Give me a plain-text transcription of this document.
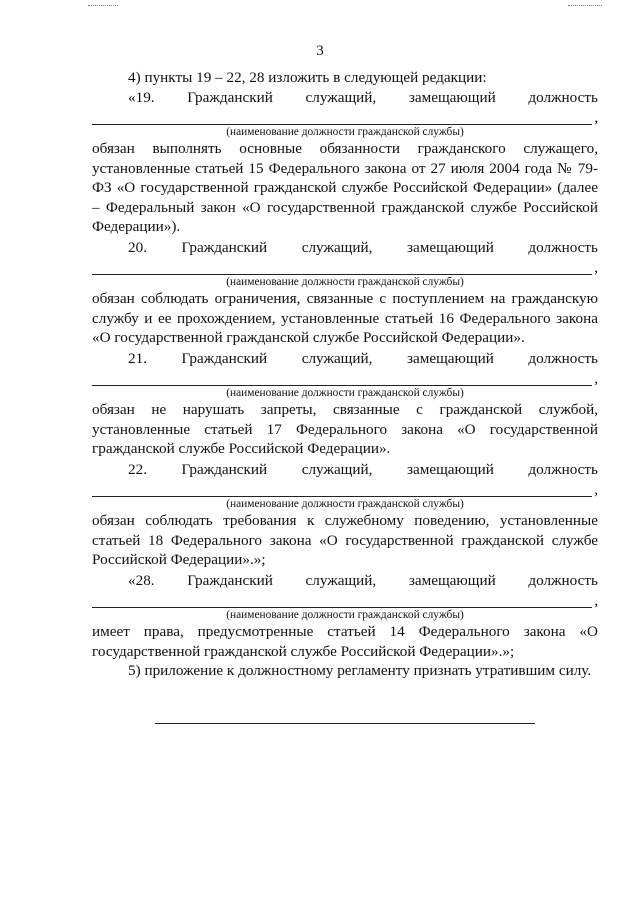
3

4) пункты 19 – 22, 28 изложить в следующей редакции:

«19. Гражданский служащий, замещающий должность
,
(наименование должности гражданской службы)

обязан выполнять основные обязанности гражданского служащего, установленные статьей 15 Федерального закона от 27 июля 2004 года № 79-ФЗ «О государственной гражданской службе Российской Федерации» (далее – Федеральный закон «О государственной гражданской службе Российской Федерации»).

20. Гражданский служащий, замещающий должность
,
(наименование должности гражданской службы)

обязан соблюдать ограничения, связанные с поступлением на гражданскую службу и ее прохождением, установленные статьей 16 Федерального закона «О государственной гражданской службе Российской Федерации».

21. Гражданский служащий, замещающий должность
,
(наименование должности гражданской службы)

обязан не нарушать запреты, связанные с гражданской службой, установленные статьей 17 Федерального закона «О государственной гражданской службе Российской Федерации».

22. Гражданский служащий, замещающий должность
,
(наименование должности гражданской службы)

обязан соблюдать требования к служебному поведению, установленные статьей 18 Федерального закона «О государственной гражданской службе Российской Федерации».»;

«28. Гражданский служащий, замещающий должность
,
(наименование должности гражданской службы)

имеет права, предусмотренные статьей 14 Федерального закона «О государственной гражданской службе Российской Федерации».»;

5) приложение к должностному регламенту признать утратившим силу.
